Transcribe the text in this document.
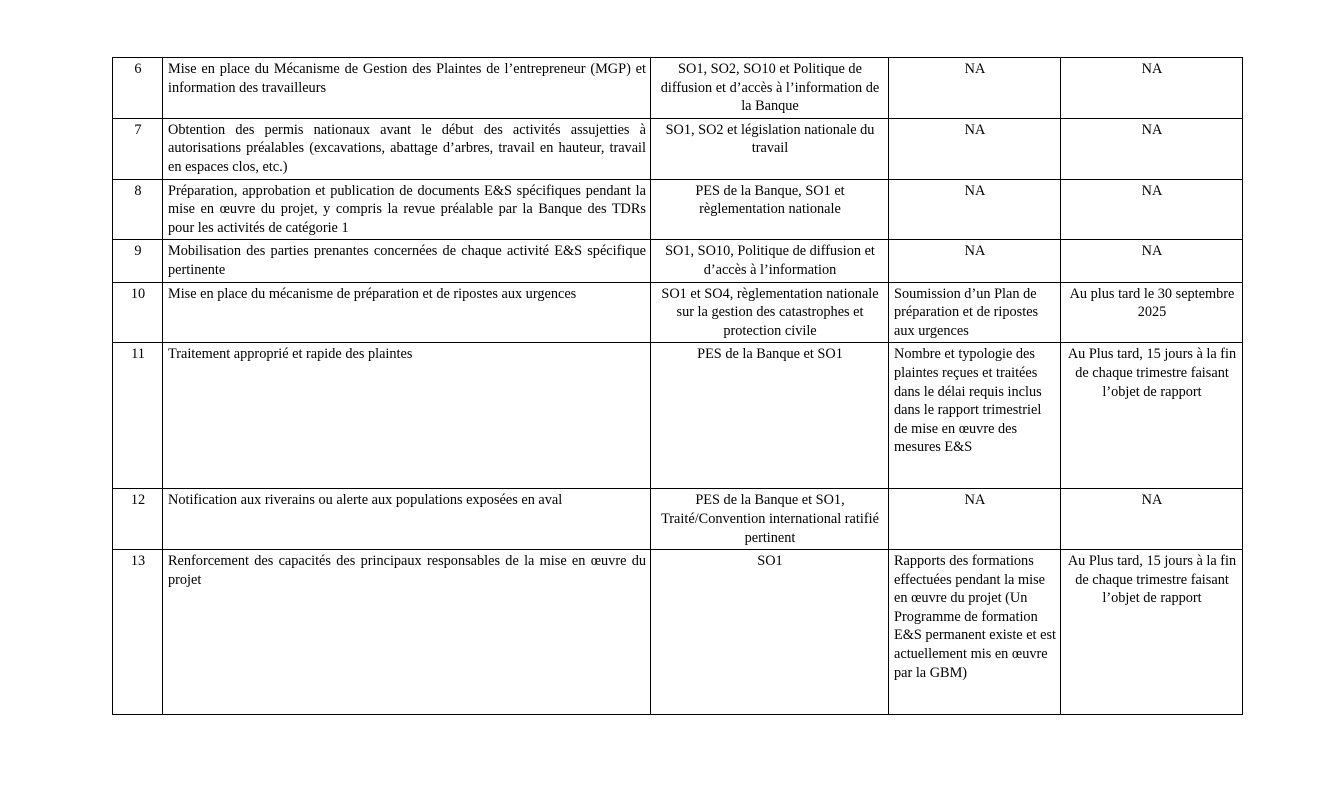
6	Mise en place du Mécanisme de Gestion des Plaintes de l’entrepreneur (MGP) et information des travailleurs	SO1, SO2, SO10 et Politique de diffusion et d’accès à l’information de la Banque	NA	NA

7	Obtention des permis nationaux avant le début des activités assujetties à autorisations préalables (excavations, abattage d’arbres, travail en hauteur, travail en espaces clos, etc.)	SO1, SO2 et législation nationale du travail	NA	NA

8	Préparation, approbation et publication de documents E&S spécifiques pendant la mise en œuvre du projet, y compris la revue préalable par la Banque des TDRs pour les activités de catégorie 1	PES de la Banque, SO1 et règlementation nationale	NA	NA

9	Mobilisation des parties prenantes concernées de chaque activité E&S spécifique pertinente	SO1, SO10, Politique de diffusion et d’accès à l’information	NA	NA

10	Mise en place du mécanisme de préparation et de ripostes aux urgences	SO1 et SO4, règlementation nationale sur la gestion des catastrophes et protection civile	Soumission d’un Plan de préparation et de ripostes aux urgences	Au plus tard le 30 septembre 2025

11	Traitement approprié et rapide des plaintes	PES de la Banque et SO1	Nombre et typologie des plaintes reçues et traitées dans le délai requis inclus dans le rapport trimestriel de mise en œuvre des mesures E&S	Au Plus tard, 15 jours à la fin de chaque trimestre faisant l’objet de rapport

12	Notification aux riverains ou alerte aux populations exposées en aval	PES de la Banque et SO1, Traité/Convention international ratifié pertinent	NA	NA

13	Renforcement des capacités des principaux responsables de la mise en œuvre du projet	SO1	Rapports des formations effectuées pendant la mise en œuvre du projet (Un Programme de formation E&S permanent existe et est actuellement mis en œuvre par la GBM)	Au Plus tard, 15 jours à la fin de chaque trimestre faisant l’objet de rapport
